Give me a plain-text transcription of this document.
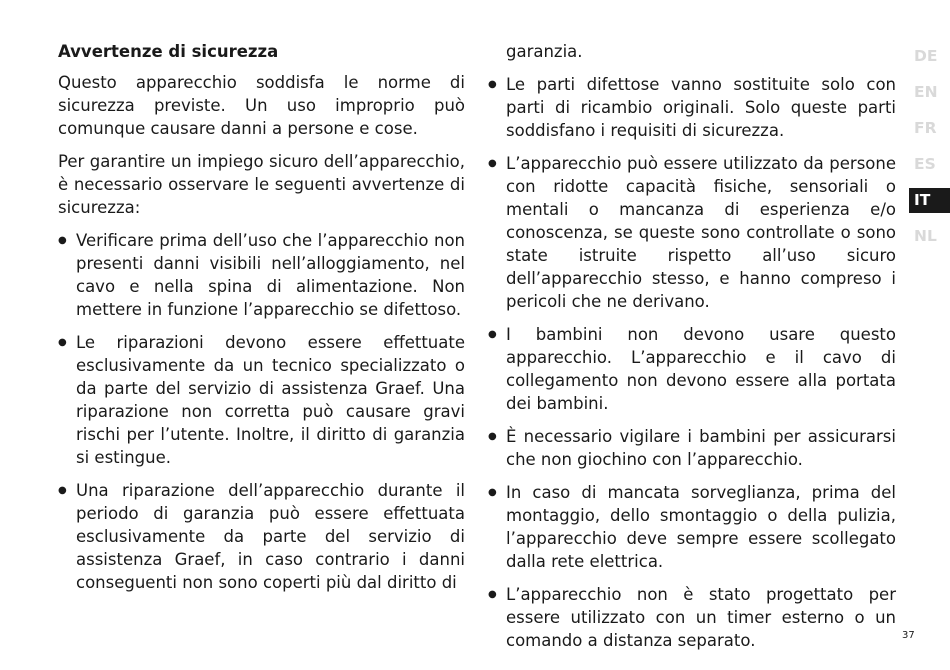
Avvertenze di sicurezza

Questo apparecchio soddisfa le norme di sicurezza previste. Un uso improprio può comunque causare danni a persone e cose.

Per garantire un impiego sicuro dell’apparecchio, è necessario osservare le seguenti avvertenze di sicurezza:

● Verificare prima dell’uso che l’apparecchio non presenti danni visibili nell’alloggiamento, nel cavo e nella spina di alimentazione. Non mettere in funzione l’apparecchio se difettoso.
● Le riparazioni devono essere effettuate esclusivamente da un tecnico specializzato o da parte del servizio di assistenza Graef. Una riparazione non corretta può causare gravi rischi per l’utente. Inoltre, il diritto di garanzia si estingue.
● Una riparazione dell’apparecchio durante il periodo di garanzia può essere effettuata esclusivamente da parte del servizio di assistenza Graef, in caso contrario i danni conseguenti non sono coperti più dal diritto di

garanzia.

● Le parti difettose vanno sostituite solo con parti di ricambio originali. Solo queste parti soddisfano i requisiti di sicurezza.
● L’apparecchio può essere utilizzato da persone con ridotte capacità fisiche, sensoriali o mentali o mancanza di esperienza e/o conoscenza, se queste sono controllate o sono state istruite rispetto all’uso sicuro dell’apparecchio stesso, e hanno compreso i pericoli che ne derivano.
● I bambini non devono usare questo apparecchio. L’apparecchio e il cavo di collegamento non devono essere alla portata dei bambini.
● È necessario vigilare i bambini per assicurarsi che non giochino con l’apparecchio.
● In caso di mancata sorveglianza, prima del montaggio, dello smontaggio o della pulizia, l’apparecchio deve sempre essere scollegato dalla rete elettrica.
● L’apparecchio non è stato progettato per essere utilizzato con un timer esterno o un comando a distanza separato.
DE
EN
FR
ES
IT
NL
37
